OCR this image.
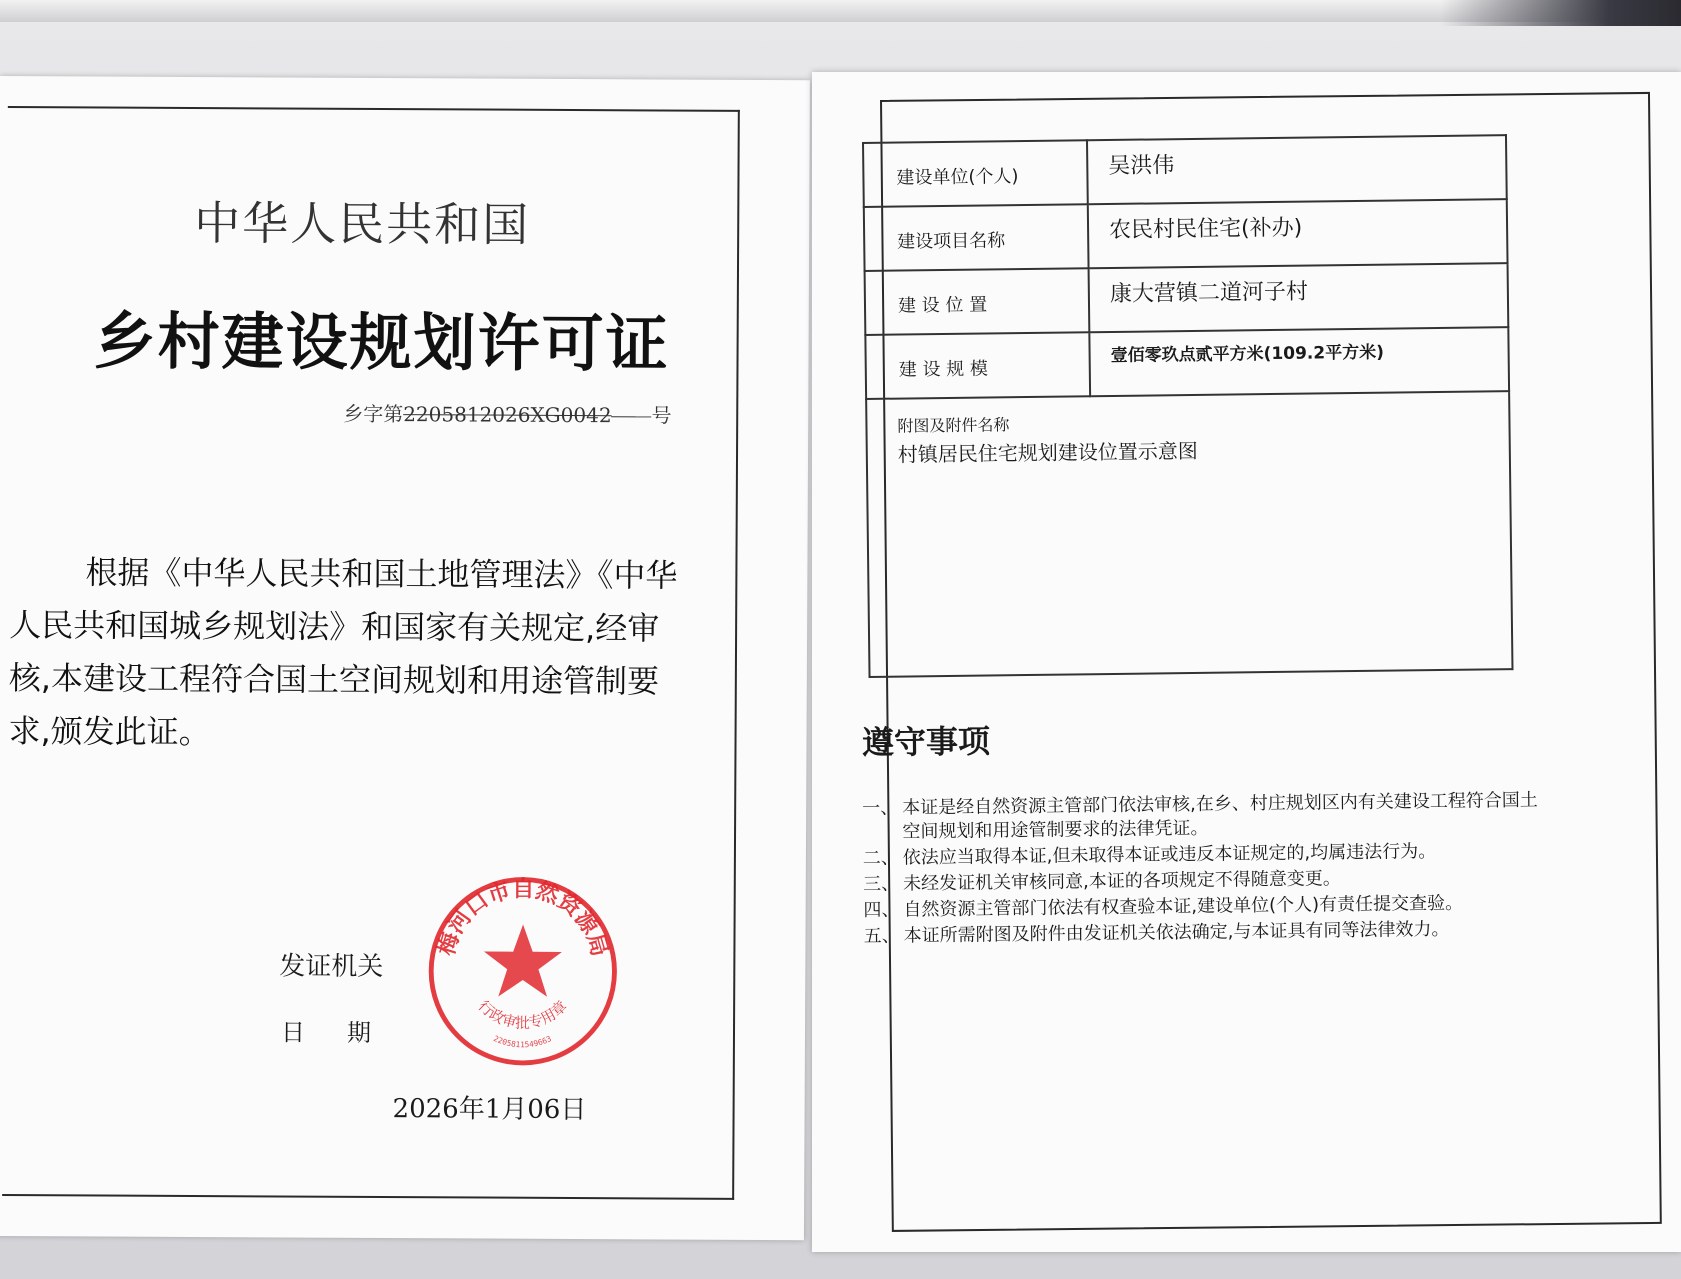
中华人民共和国
乡村建设规划许可证
乡字第2205812026XG0042 号
根据《中华人民共和国土地管理法》《中华人民共和国城乡规划法》和国家有关规定,经审核,本建设工程符合国土空间规划和用途管制要求,颁发此证。
发证机关
日期
2026年1月06日
梅河口市自然资源局
行政审批专用章
2205811549663
建设单位(个人)	吴洪伟
建设项目名称	农民村民住宅(补办)
建 设 位 置	康大营镇二道河子村
建 设 规 模	壹佰零玖点贰平方米(109.2平方米)

附图及附件名称
村镇居民住宅规划建设位置示意图	
遵守事项
一、 本证是经自然资源主管部门依法审核,在乡、村庄规划区内有关建设工程符合国土空间规划和用途管制要求的法律凭证。
二、 依法应当取得本证,但未取得本证或违反本证规定的,均属违法行为。
三、 未经发证机关审核同意,本证的各项规定不得随意变更。
四、 自然资源主管部门依法有权查验本证,建设单位(个人)有责任提交查验。
五、 本证所需附图及附件由发证机关依法确定,与本证具有同等法律效力。
